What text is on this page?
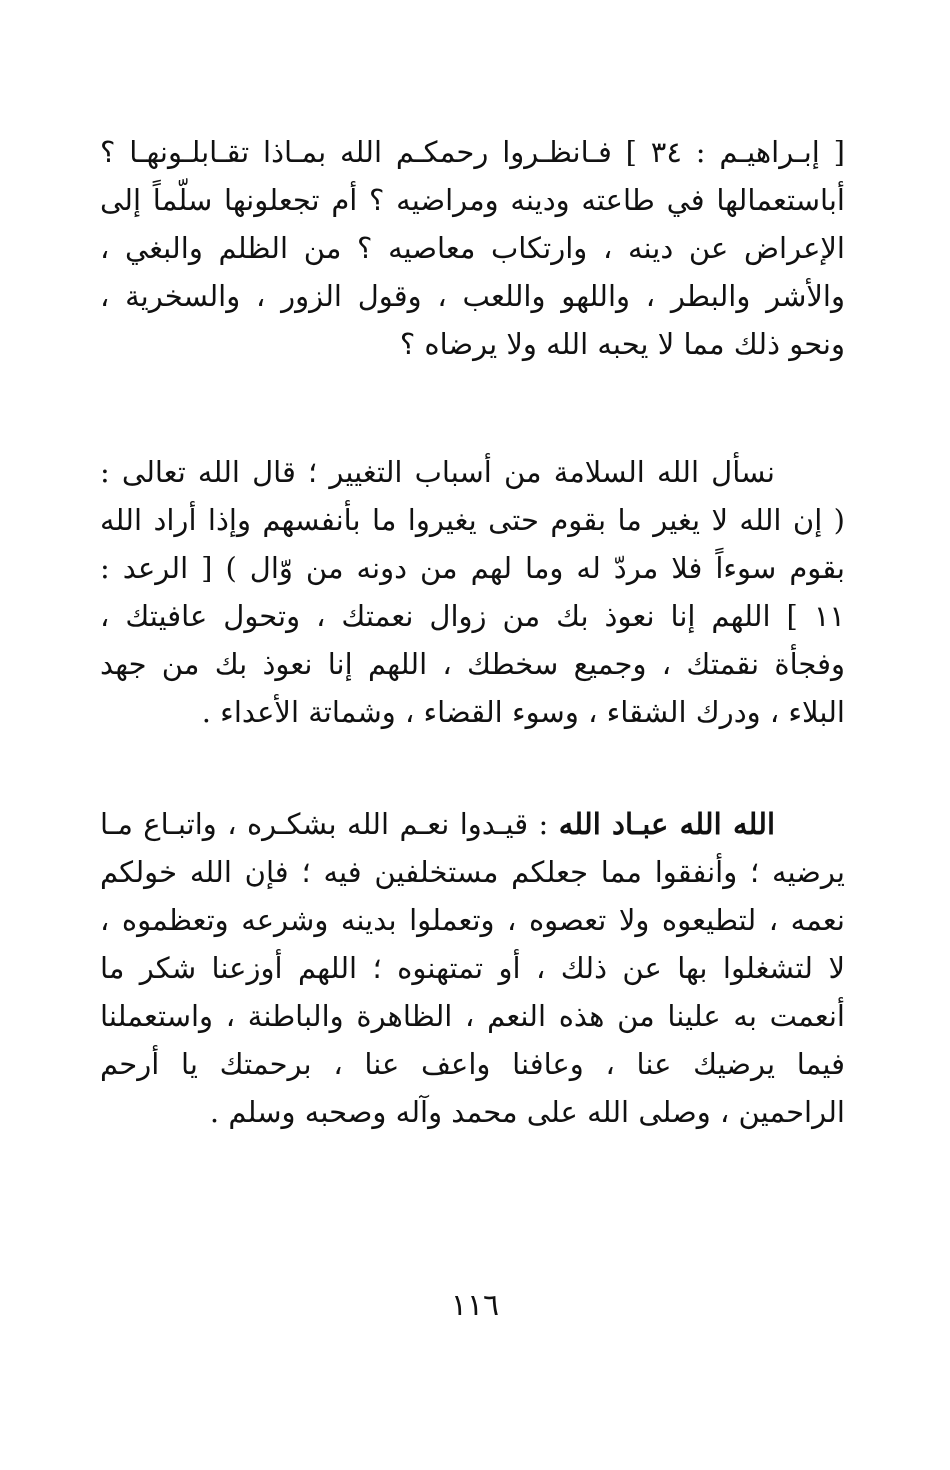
[ إبـراهيـم : ٣٤ ] فـانظـروا رحمكـم الله بمـاذا تقـابلـونهـا ؟
أباستعمالها في طاعته ودينه ومراضيه ؟ أم تجعلونها سلّماً إلى
الإعراض عن دينه ، وارتكاب معاصيه ؟ من الظلم والبغي ،
والأشر والبطر ، واللهو واللعب ، وقول الزور ، والسخرية ،
ونحو ذلك مما لا يحبه الله ولا يرضاه ؟
نسأل الله السلامة من أسباب التغيير ؛ قال الله تعالى :
( إن الله لا يغير ما بقوم حتى يغيروا ما بأنفسهم وإذا أراد الله
بقوم سوءاً فلا مردّ له وما لهم من دونه من وّال ) [ الرعد :
١١ ] اللهم إنا نعوذ بك من زوال نعمتك ، وتحول عافيتك ،
وفجأة نقمتك ، وجميع سخطك ، اللهم إنا نعوذ بك من جهد
البلاء ، ودرك الشقاء ، وسوء القضاء ، وشماتة الأعداء .
الله الله عبـاد الله : قيـدوا نعـم الله بشكـره ، واتبـاع مـا
يرضيه ؛ وأنفقوا مما جعلكم مستخلفين فيه ؛ فإن الله خولكم
نعمه ، لتطيعوه ولا تعصوه ، وتعملوا بدينه وشرعه وتعظموه ،
لا لتشغلوا بها عن ذلك ، أو تمتهنوه ؛ اللهم أوزعنا شكر ما
أنعمت به علينا من هذه النعم ، الظاهرة والباطنة ، واستعملنا
فيما يرضيك عنا ، وعافنا واعف عنا ، برحمتك يا أرحم
الراحمين ، وصلى الله على محمد وآله وصحبه وسلم .
١١٦
